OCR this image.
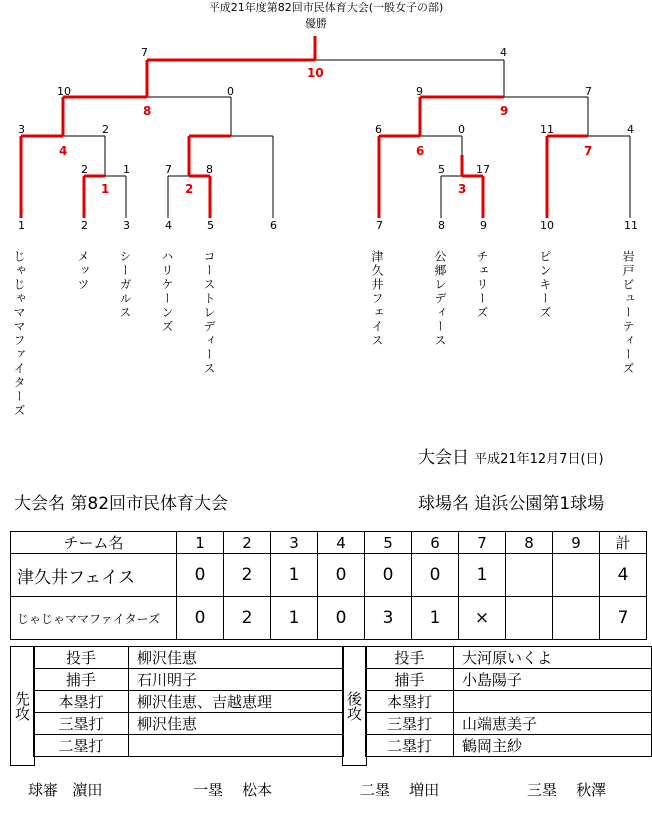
平成21年度第82回市民体育大会(一般女子の部)
優勝
7	4
10
10	0
8
9	7
9
3	2
4
7	8
2
6	0
6
11	4
7
2	1
1
5	17
3
1	2	3	4	5	6	7	8	9	10	11
じゃじゃママファイターズ	メッツ シーガルス ハリケーンズ コーストレディース	津久井フェイス	公郷レディース チェリーズ	ピンキーズ	岩戸ビューティーズ
大会日 平成21年12月7日(日)
大会名 第82回市民体育大会	球場名 追浜公園第1球場
チーム名	1	2	3	4	5	6	7	8	9	計
津久井フェイス	0	2	1	0	0	0	1			4
じゃじゃママファイターズ	0	2	1	0	3	1	×			7
先攻
投手	柳沢佳恵
捕手	石川明子
本塁打	柳沢佳恵、吉越恵理
三塁打	柳沢佳恵
二塁打	
後攻
投手	大河原いくよ
捕手	小島陽子
本塁打	
三塁打	山端恵美子
二塁打	鶴岡主紗
球審 濵田	一塁 松本	二塁 増田	三塁 秋澤
